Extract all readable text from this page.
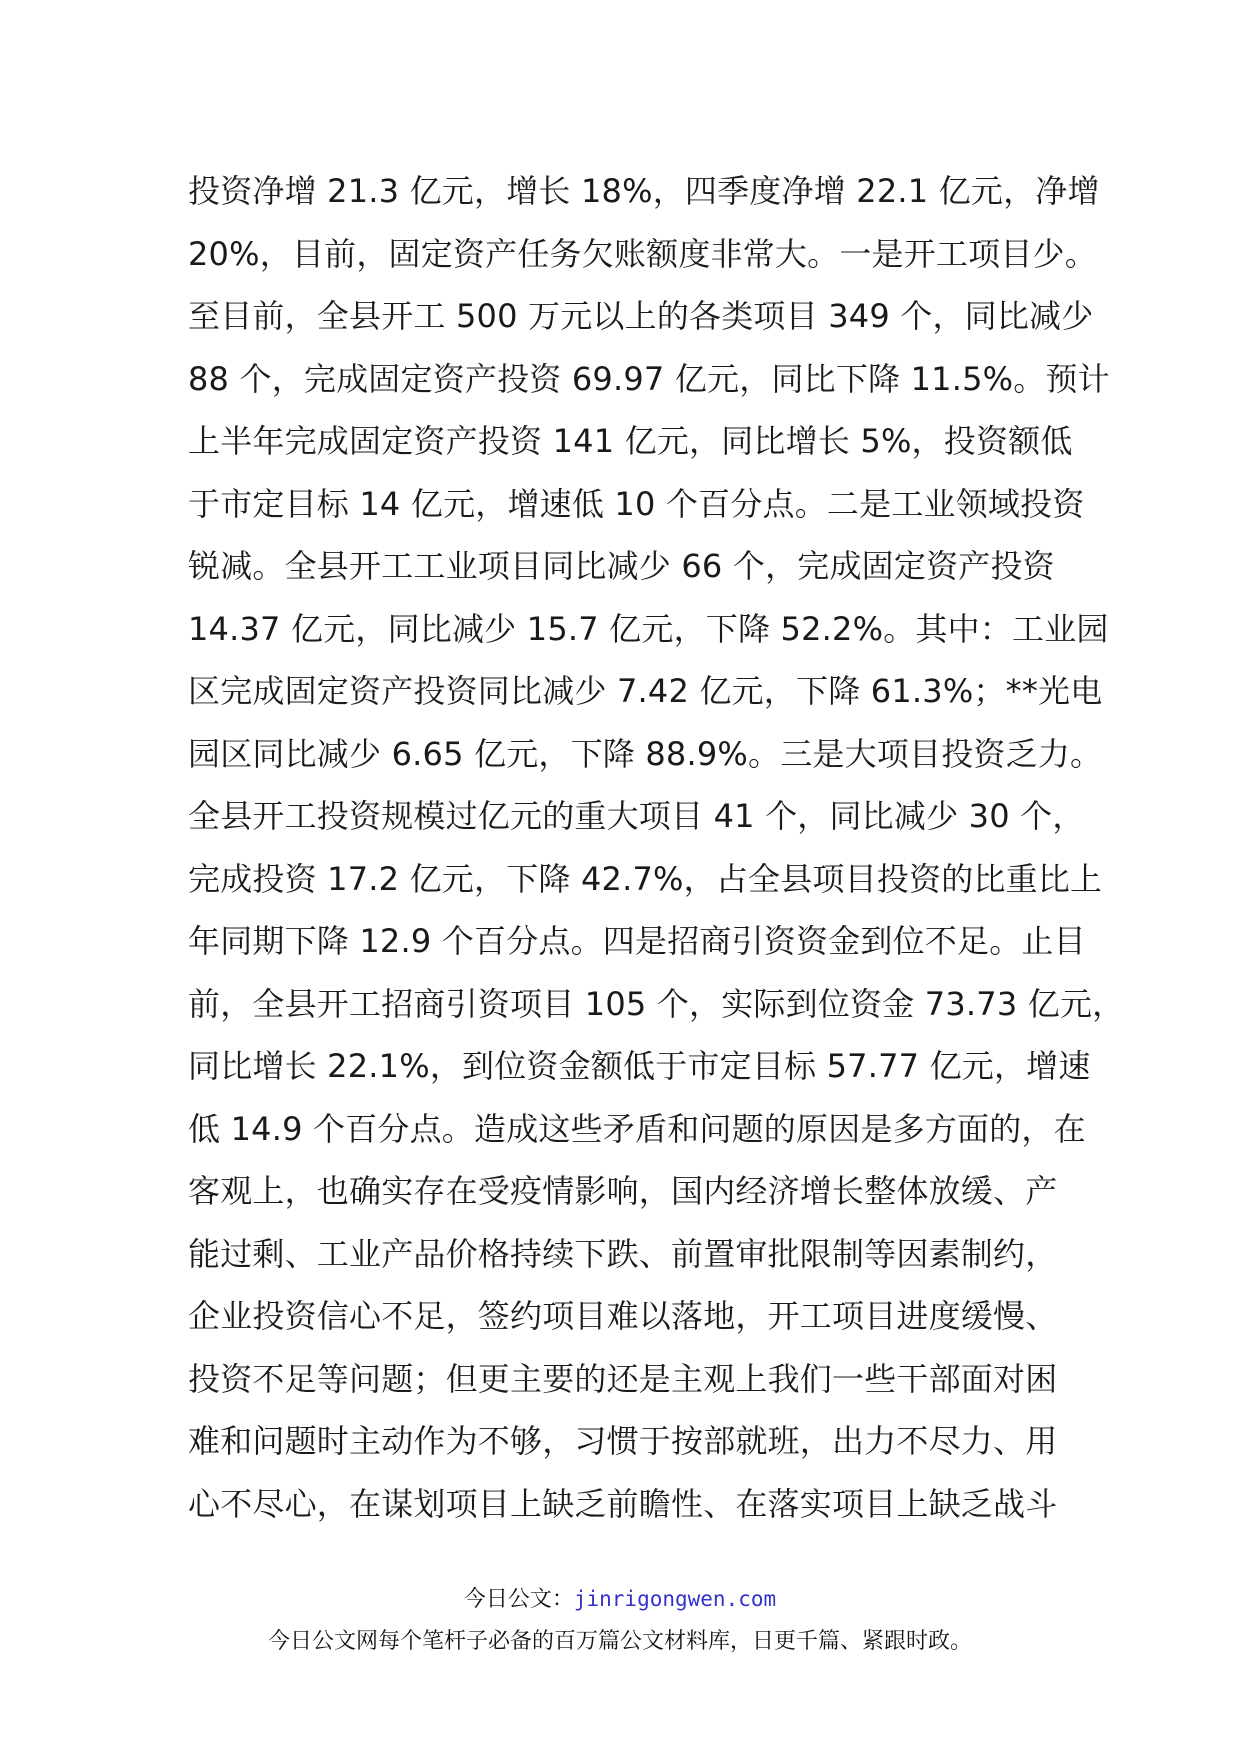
投资净增 21.3 亿元，增长 18%，四季度净增 22.1 亿元，净增
20%，目前，固定资产任务欠账额度非常大。一是开工项目少。
至目前，全县开工 500 万元以上的各类项目 349 个，同比减少
88 个，完成固定资产投资 69.97 亿元，同比下降 11.5%。预计
上半年完成固定资产投资 141 亿元，同比增长 5%，投资额低
于市定目标 14 亿元，增速低 10 个百分点。二是工业领域投资
锐减。全县开工工业项目同比减少 66 个，完成固定资产投资
14.37 亿元，同比减少 15.7 亿元，下降 52.2%。其中：工业园
区完成固定资产投资同比减少 7.42 亿元，下降 61.3%；**光电
园区同比减少 6.65 亿元，下降 88.9%。三是大项目投资乏力。
全县开工投资规模过亿元的重大项目 41 个，同比减少 30 个，
完成投资 17.2 亿元，下降 42.7%，占全县项目投资的比重比上
年同期下降 12.9 个百分点。四是招商引资资金到位不足。止目
前，全县开工招商引资项目 105 个，实际到位资金 73.73 亿元，
同比增长 22.1%，到位资金额低于市定目标 57.77 亿元，增速
低 14.9 个百分点。造成这些矛盾和问题的原因是多方面的，在
客观上，也确实存在受疫情影响，国内经济增长整体放缓、产
能过剩、工业产品价格持续下跌、前置审批限制等因素制约，
企业投资信心不足，签约项目难以落地，开工项目进度缓慢、
投资不足等问题；但更主要的还是主观上我们一些干部面对困
难和问题时主动作为不够，习惯于按部就班，出力不尽力、用
心不尽心，在谋划项目上缺乏前瞻性、在落实项目上缺乏战斗
今日公文：jinrigongwen.com
今日公文网每个笔杆子必备的百万篇公文材料库，日更千篇、紧跟时政。
